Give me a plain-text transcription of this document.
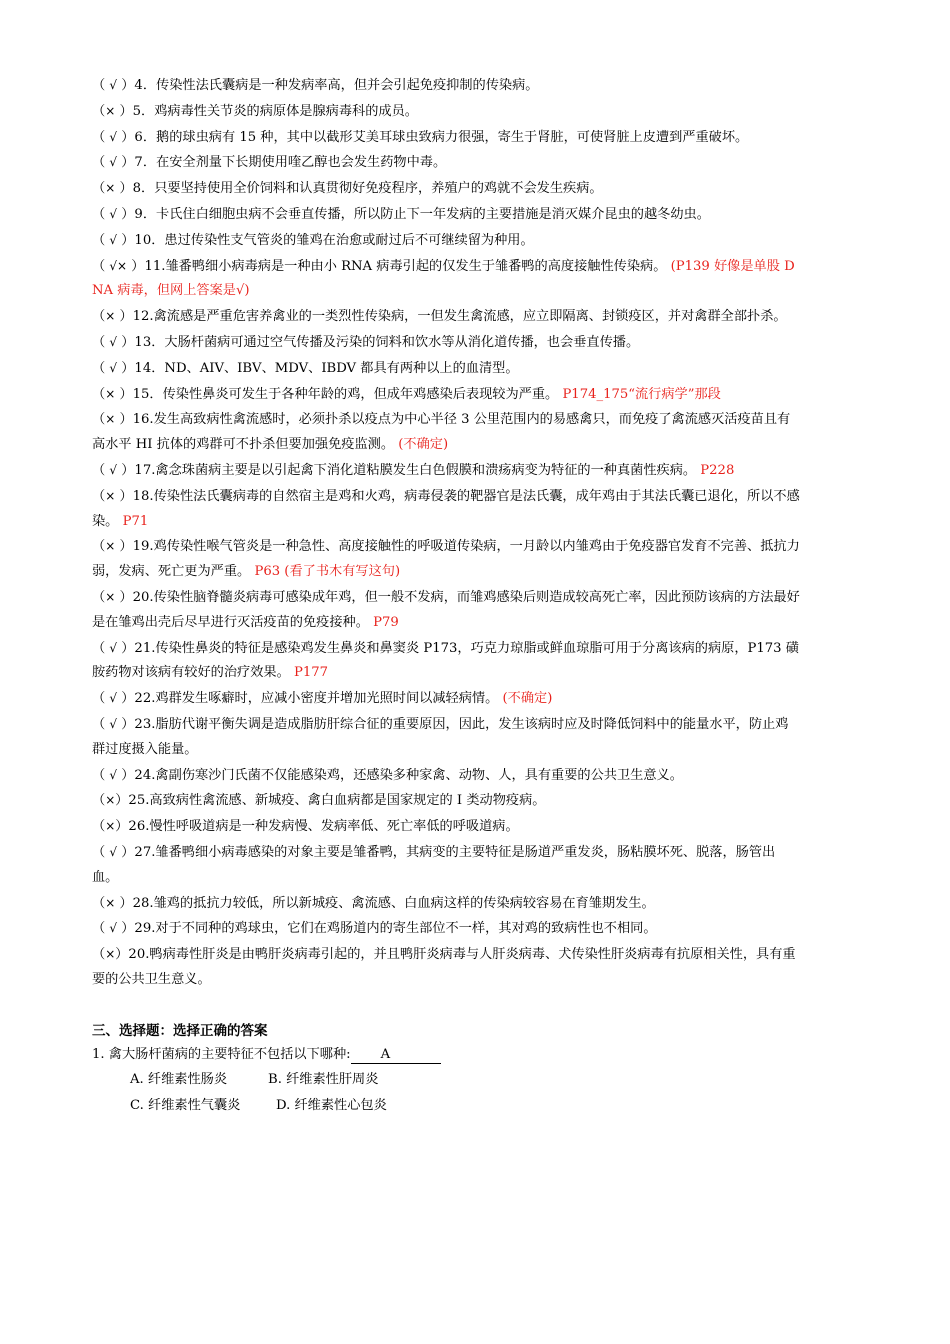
（ √ ）4．传染性法氏囊病是一种发病率高，但并会引起免疫抑制的传染病。

（× ）5．鸡病毒性关节炎的病原体是腺病毒科的成员。

（ √ ）6．鹅的球虫病有 15 种，其中以截形艾美耳球虫致病力很强，寄生于肾脏，可使肾脏上皮遭到严重破坏。

（ √ ）7．在安全剂量下长期使用喹乙醇也会发生药物中毒。

（× ）8．只要坚持使用全价饲料和认真贯彻好免疫程序，养殖户的鸡就不会发生疾病。

（ √ ）9．卡氏住白细胞虫病不会垂直传播，所以防止下一年发病的主要措施是消灭媒介昆虫的越冬幼虫。

（ √ ）10．患过传染性支气管炎的雏鸡在治愈或耐过后不可继续留为种用。

（ √× ）11.雏番鸭细小病毒病是一种由小 RNA 病毒引起的仅发生于雏番鸭的高度接触性传染病。 (P139 好像是单股 DNA 病毒，但网上答案是√)

（× ）12.禽流感是严重危害养禽业的一类烈性传染病，一但发生禽流感，应立即隔离、封锁疫区，并对禽群全部扑杀。

（ √ ）13．大肠杆菌病可通过空气传播及污染的饲料和饮水等从消化道传播，也会垂直传播。

（ √ ）14．ND、AIV、IBV、MDV、IBDV 都具有两种以上的血清型。

（× ）15．传染性鼻炎可发生于各种年龄的鸡，但成年鸡感染后表现较为严重。 P174_175“流行病学”那段

（× ）16.发生高致病性禽流感时，必须扑杀以疫点为中心半径 3 公里范围内的易感禽只，而免疫了禽流感灭活疫苗且有高水平 HI 抗体的鸡群可不扑杀但要加强免疫监测。 (不确定)

（ √ ）17.禽念珠菌病主要是以引起禽下消化道粘膜发生白色假膜和溃疡病变为特征的一种真菌性疾病。 P228

（× ）18.传染性法氏囊病毒的自然宿主是鸡和火鸡，病毒侵袭的靶器官是法氏囊，成年鸡由于其法氏囊已退化，所以不感染。 P71

（× ）19.鸡传染性喉气管炎是一种急性、高度接触性的呼吸道传染病，一月龄以内雏鸡由于免疫器官发育不完善、抵抗力弱，发病、死亡更为严重。 P63 (看了书木有写这句)

（× ）20.传染性脑脊髓炎病毒可感染成年鸡，但一般不发病，而雏鸡感染后则造成较高死亡率，因此预防该病的方法最好是在雏鸡出壳后尽早进行灭活疫苗的免疫接种。 P79

（ √ ）21.传染性鼻炎的特征是感染鸡发生鼻炎和鼻窦炎 P173，巧克力琼脂或鲜血琼脂可用于分离该病的病原，P173 磺胺药物对该病有较好的治疗效果。 P177

（ √ ）22.鸡群发生啄癖时，应减小密度并增加光照时间以减轻病情。 (不确定)

（ √ ）23.脂肪代谢平衡失调是造成脂肪肝综合征的重要原因，因此，发生该病时应及时降低饲料中的能量水平，防止鸡群过度摄入能量。

（ √ ）24.禽副伤寒沙门氏菌不仅能感染鸡，还感染多种家禽、动物、人，具有重要的公共卫生意义。

（×）25.高致病性禽流感、新城疫、禽白血病都是国家规定的 I 类动物疫病。

（×）26.慢性呼吸道病是一种发病慢、发病率低、死亡率低的呼吸道病。

（ √ ）27.雏番鸭细小病毒感染的对象主要是雏番鸭，其病变的主要特征是肠道严重发炎，肠粘膜坏死、脱落，肠管出血。

（× ）28.雏鸡的抵抗力较低，所以新城疫、禽流感、白血病这样的传染病较容易在育雏期发生。

（ √ ）29.对于不同种的鸡球虫，它们在鸡肠道内的寄生部位不一样，其对鸡的致病性也不相同。

（×）20.鸭病毒性肝炎是由鸭肝炎病毒引起的，并且鸭肝炎病毒与人肝炎病毒、犬传染性肝炎病毒有抗原相关性，具有重要的公共卫生意义。

三、选择题：选择正确的答案
1. 禽大肠杆菌病的主要特征不包括以下哪种: A
A. 纤维素性肠炎	B. 纤维素性肝周炎
C. 纤维素性气囊炎	D. 纤维素性心包炎
